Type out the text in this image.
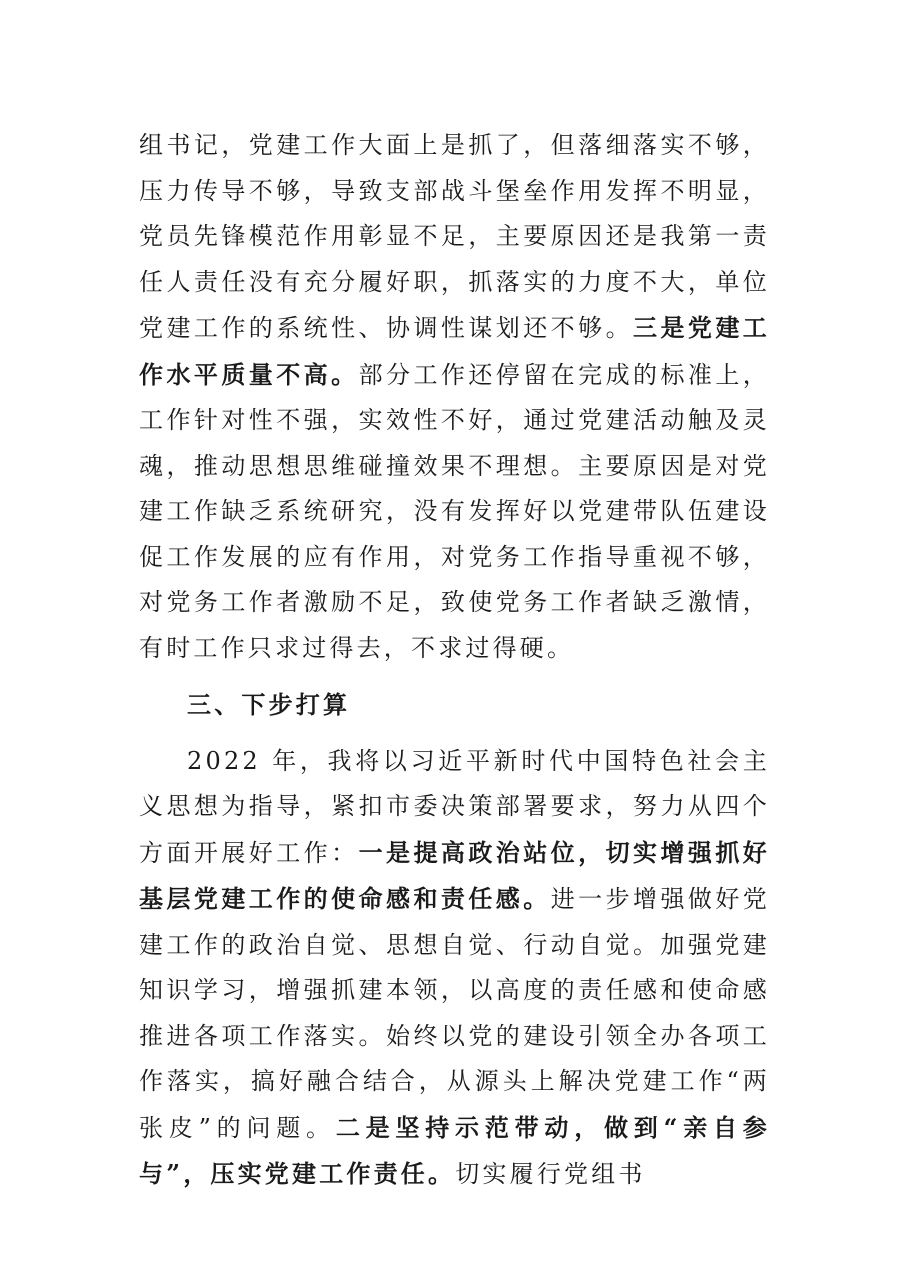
组书记，党建工作大面上是抓了，但落细落实不够，压力传导不够，导致支部战斗堡垒作用发挥不明显，党员先锋模范作用彰显不足，主要原因还是我第一责任人责任没有充分履好职，抓落实的力度不大，单位党建工作的系统性、协调性谋划还不够。三是党建工作水平质量不高。部分工作还停留在完成的标准上，工作针对性不强，实效性不好，通过党建活动触及灵魂，推动思想思维碰撞效果不理想。主要原因是对党建工作缺乏系统研究，没有发挥好以党建带队伍建设促工作发展的应有作用，对党务工作指导重视不够，对党务工作者激励不足，致使党务工作者缺乏激情，有时工作只求过得去，不求过得硬。

三、下步打算

2022 年，我将以习近平新时代中国特色社会主义思想为指导，紧扣市委决策部署要求，努力从四个方面开展好工作：一是提高政治站位，切实增强抓好基层党建工作的使命感和责任感。进一步增强做好党建工作的政治自觉、思想自觉、行动自觉。加强党建知识学习，增强抓建本领，以高度的责任感和使命感推进各项工作落实。始终以党的建设引领全办各项工作落实，搞好融合结合，从源头上解决党建工作“两张皮”的问题。二是坚持示范带动，做到“亲自参与”，压实党建工作责任。切实履行党组书
